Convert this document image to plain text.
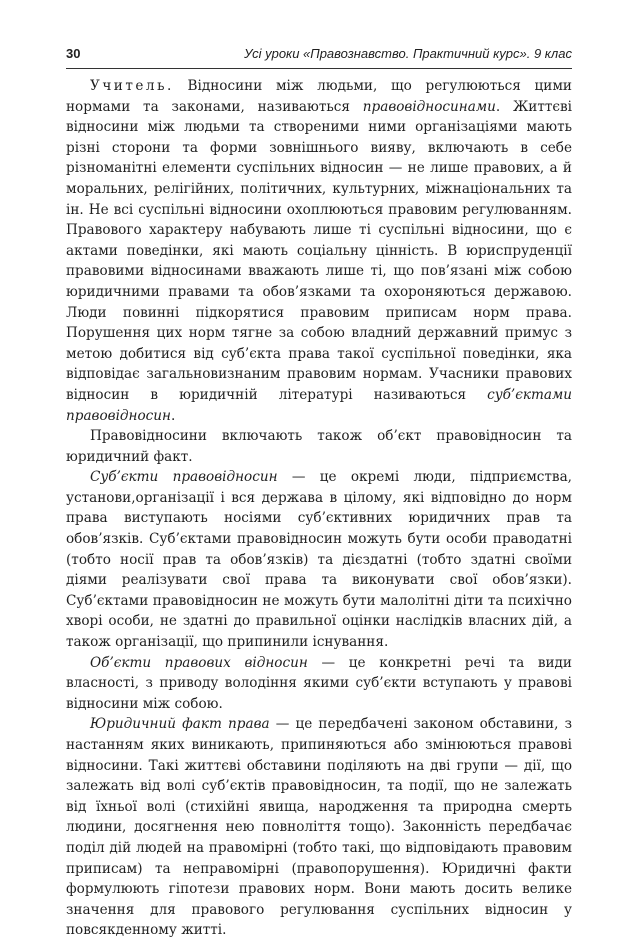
30	Усі уроки «Правознавство. Практичний курс». 9 клас

Учитель. Відносини між людьми, що регулюються цими нормами та законами, називаються правовідносинами. Життєві відносини між людьми та створеними ними організаціями мають різні сторони та форми зовнішнього вияву, включають в себе різноманітні елементи суспільних відносин — не лише правових, а й моральних, релігійних, політичних, культурних, міжнаціональних та ін. Не всі суспільні відносини охоплюються правовим регулюванням. Правового характеру набувають лише ті суспільні відносини, що є актами поведінки, які мають соціальну цінність. В юриспруденції правовими відносинами вважають лише ті, що пов’язані між собою юридичними правами та обов’язками та охороняються державою. Люди повинні підкорятися правовим приписам норм права. Порушення цих норм тягне за собою владний державний примус з метою добитися від суб’єкта права такої суспільної поведінки, яка відповідає загальновизнаним правовим нормам. Учасники правових відносин в юридичній літературі називаються суб’єктами правовідносин.

Правовідносини включають також об’єкт правовідносин та юридичний факт.

Суб’єкти правовідносин — це окремі люди, підприємства, установи,організації і вся держава в цілому, які відповідно до норм права виступають носіями суб’єктивних юридичних прав та обов’язків. Суб’єктами правовідносин можуть бути особи праводатні (тобто носії прав та обов’язків) та дієздатні (тобто здатні своїми діями реалізувати свої права та виконувати свої обов’язки). Суб’єктами правовідносин не можуть бути малолітні діти та психічно хворі особи, не здатні до правильної оцінки наслідків власних дій, а також організації, що припинили існування.

Об’єкти правових відносин — це конкретні речі та види власності, з приводу володіння якими суб’єкти вступають у правові відносини між собою.

Юридичний факт права — це передбачені законом обставини, з настанням яких виникають, припиняються або змінюються правові відносини. Такі життєві обставини поділяють на дві групи — дії, що залежать від волі суб’єктів правовідносин, та події, що не залежать від їхньої волі (стихійні явища, народження та природна смерть людини, досягнення нею повноліття тощо). Законність передбачає поділ дій людей на правомірні (тобто такі, що відповідають правовим приписам) та неправомірні (правопорушення). Юридичні факти формулюють гіпотези правових норм. Вони мають досить велике значення для правового регулювання суспільних відносин у повсякденному житті.
